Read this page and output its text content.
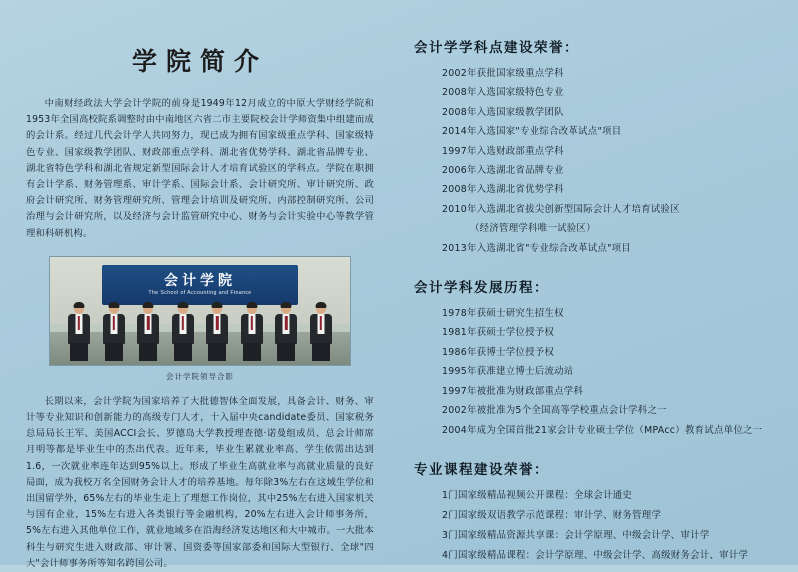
学院简介
中南财经政法大学会计学院的前身是1949年12月成立的中原大学财经学院和1953年全国高校院系调整时由中南地区六省二市主要院校会计学师资集中组建而成的会计系。经过几代会计学人共同努力，现已成为拥有国家级重点学科、国家级特色专业、国家级教学团队、财政部重点学科、湖北省优势学科、湖北省品牌专业、湖北省特色学科和湖北省规定新型国际会计人才培育试验区的学科点。学院在职拥有会计学系、财务管理系、审计学系、国际会计系、会计研究所、审计研究所、政府会计研究所、财务管理研究所、管理会计培训及研究所、内部控制研究所、公司治理与会计研究所，以及经济与会计监管研究中心、财务与会计实验中心等教学管理和科研机构。
会计学院
The School of Accounting and Finance
会计学院领导合影
长期以来，会计学院为国家培养了大批德智体全面发展，具备会计、财务、审计等专业知识和创新能力的高级专门人才，十入届中央candidate委员、国家税务总局局长王军、美国ACCI会长、罗德岛大学教授理查德·诺曼组成员、总会计师席月明等都是毕业生中的杰出代表。近年来，毕业生累就业率高、学生依需出达到1.6，一次就业率连年达到95%以上。形成了毕业生高就业率与高就业质量的良好局面，成为我校万名全国财务会计人才的培养基地。每年除3%左右在这域生学位和出国留学外，65%左右的毕业生走上了理想工作岗位，其中25%左右进入国家机关与国有企业，15%左右进入各类银行等金融机构，20%左右进入会计师事务所，5%左右进入其他单位工作，就业地域多在沿海经济发达地区和大中城市。一大批本科生与研究生进入财政部、审计署、国资委等国家部委和国际大型银行、全球"四大"会计师事务所等知名跨国公司。
会计学学科点建设荣誉：
2002年获批国家级重点学科
2008年入选国家级特色专业
2008年入选国家级教学团队
2014年入选国家"专业综合改革试点"项目
1997年入选财政部重点学科
2006年入选湖北省品牌专业
2008年入选湖北省优势学科
2010年入选湖北省拔尖创新型国际会计人才培育试验区
（经济管理学科唯一试验区）
2013年入选湖北省"专业综合改革试点"项目
会计学科发展历程：
1978年获硕士研究生招生权
1981年获硕士学位授予权
1986年获博士学位授予权
1995年获准建立博士后流动站
1997年被批准为财政部重点学科
2002年被批准为5个全国高等学校重点会计学科之一
2004年成为全国首批21家会计专业硕士学位（MPAcc）教育试点单位之一
专业课程建设荣誉：
1门国家级精品视频公开课程：全球会计通史
2门国家级双语教学示范课程：审计学、财务管理学
3门国家级精品资源共享课：会计学原理、中级会计学、审计学
4门国家级精品课程：会计学原理、中级会计学、高级财务会计、审计学
